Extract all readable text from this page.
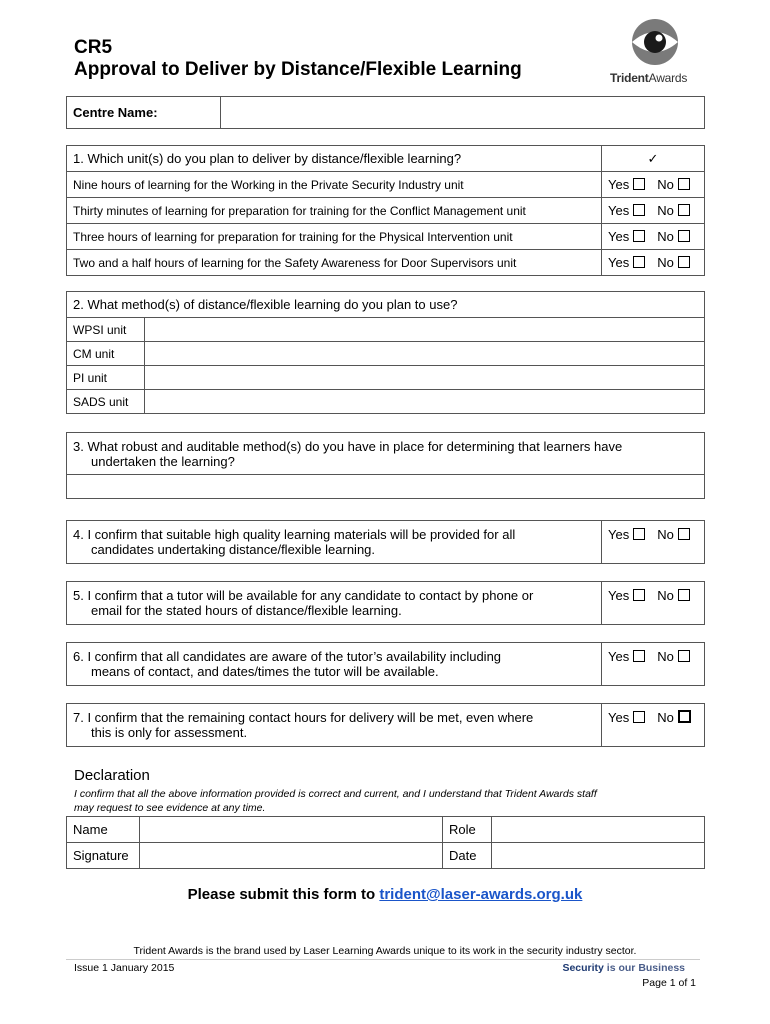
CR5
Approval to Deliver by Distance/Flexible Learning	TridentAwards
Centre Name:	
1. Which unit(s) do you plan to deliver by distance/flexible learning?	✓
Nine hours of learning for the Working in the Private Security Industry unit	Yes No
Thirty minutes of learning for preparation for training for the Conflict Management unit	Yes No
Three hours of learning for preparation for training for the Physical Intervention unit	Yes No
Two and a half hours of learning for the Safety Awareness for Door Supervisors unit	Yes No
2. What method(s) of distance/flexible learning do you plan to use?	
WPSI unit	
CM unit	
PI unit	
SADS unit	
3. What robust and auditable method(s) do you have in place for determining that learners have
undertaken the learning?

4. I confirm that suitable high quality learning materials will be provided for all
candidates undertaking distance/flexible learning.
	Yes No
5. I confirm that a tutor will be available for any candidate to contact by phone or
email for the stated hours of distance/flexible learning.
	Yes No
6. I confirm that all candidates are aware of the tutor’s availability including
means of contact, and dates/times the tutor will be available.
	Yes No
7. I confirm that the remaining contact hours for delivery will be met, even where
this is only for assessment.
	Yes No
Declaration
I confirm that all the above information provided is correct and current, and I understand that Trident Awards staff
may request to see evidence at any time.
Name		Role	
Signature		Date	
Please submit this form to trident@laser-awards.org.uk
Trident Awards is the brand used by Laser Learning Awards unique to its work in the security industry sector.
Issue 1 January 2015	Security is our Business
Page 1 of 1
